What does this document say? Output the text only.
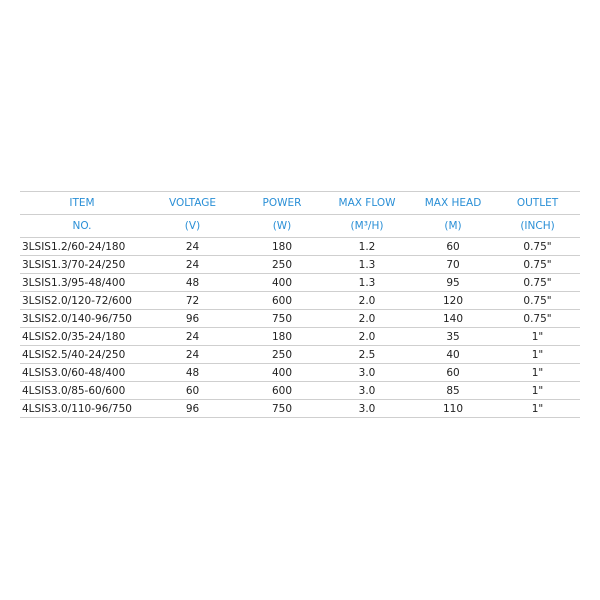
ITEM	VOLTAGE	POWER	MAX FLOW	MAX HEAD	OUTLET
NO.	(V)	(W)	(M³/H)	(M)	(INCH)
3LSIS1.2/60-24/180	24	180	1.2	60	0.75"
3LSIS1.3/70-24/250	24	250	1.3	70	0.75"
3LSIS1.3/95-48/400	48	400	1.3	95	0.75"
3LSIS2.0/120-72/600	72	600	2.0	120	0.75"
3LSIS2.0/140-96/750	96	750	2.0	140	0.75"
4LSIS2.0/35-24/180	24	180	2.0	35	1"
4LSIS2.5/40-24/250	24	250	2.5	40	1"
4LSIS3.0/60-48/400	48	400	3.0	60	1"
4LSIS3.0/85-60/600	60	600	3.0	85	1"
4LSIS3.0/110-96/750	96	750	3.0	110	1"
